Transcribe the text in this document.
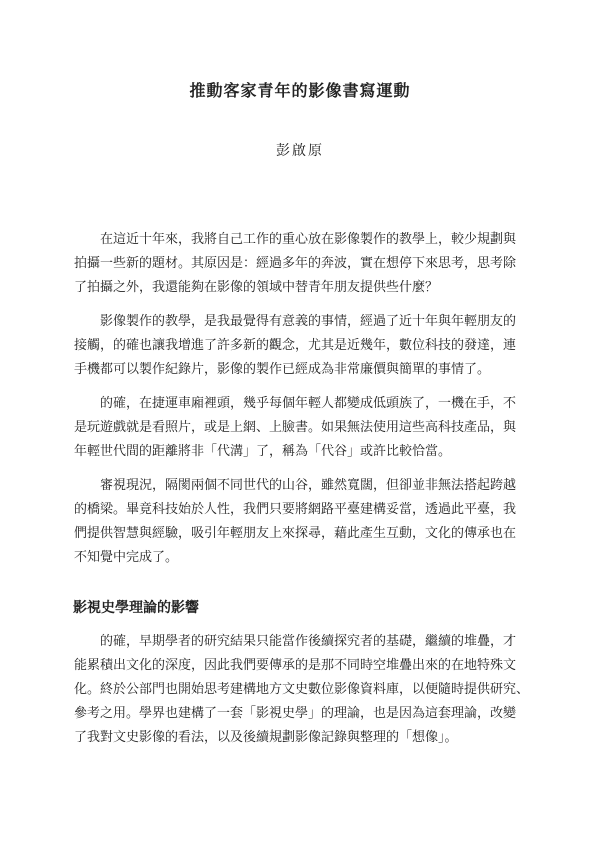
推動客家青年的影像書寫運動
彭啟原

在這近十年來，我將自己工作的重心放在影像製作的教學上，較少規劃與

拍攝一些新的題材。其原因是：經過多年的奔波，實在想停下來思考，思考除

了拍攝之外，我還能夠在影像的領域中替青年朋友提供些什麼？

影像製作的教學，是我最覺得有意義的事情，經過了近十年與年輕朋友的

接觸，的確也讓我增進了許多新的觀念，尤其是近幾年，數位科技的發達，連

手機都可以製作紀錄片，影像的製作已經成為非常廉價與簡單的事情了。

的確，在捷運車廂裡頭，幾乎每個年輕人都變成低頭族了，一機在手，不

是玩遊戲就是看照片，或是上網、上臉書。如果無法使用這些高科技產品，與

年輕世代間的距離將非「代溝」了，稱為「代谷」或許比較恰當。

審視現況，隔閡兩個不同世代的山谷，雖然寬闊，但卻並非無法搭起跨越

的橋梁。畢竟科技始於人性，我們只要將網路平臺建構妥當，透過此平臺，我

們提供智慧與經驗，吸引年輕朋友上來探尋，藉此產生互動，文化的傳承也在

不知覺中完成了。

影視史學理論的影響

的確，早期學者的研究結果只能當作後續探究者的基礎，繼續的堆疊，才

能累積出文化的深度，因此我們要傳承的是那不同時空堆疊出來的在地特殊文

化。終於公部門也開始思考建構地方文史數位影像資料庫，以便隨時提供研究、

參考之用。學界也建構了一套「影視史學」的理論，也是因為這套理論，改變

了我對文史影像的看法，以及後續規劃影像記錄與整理的「想像」。
